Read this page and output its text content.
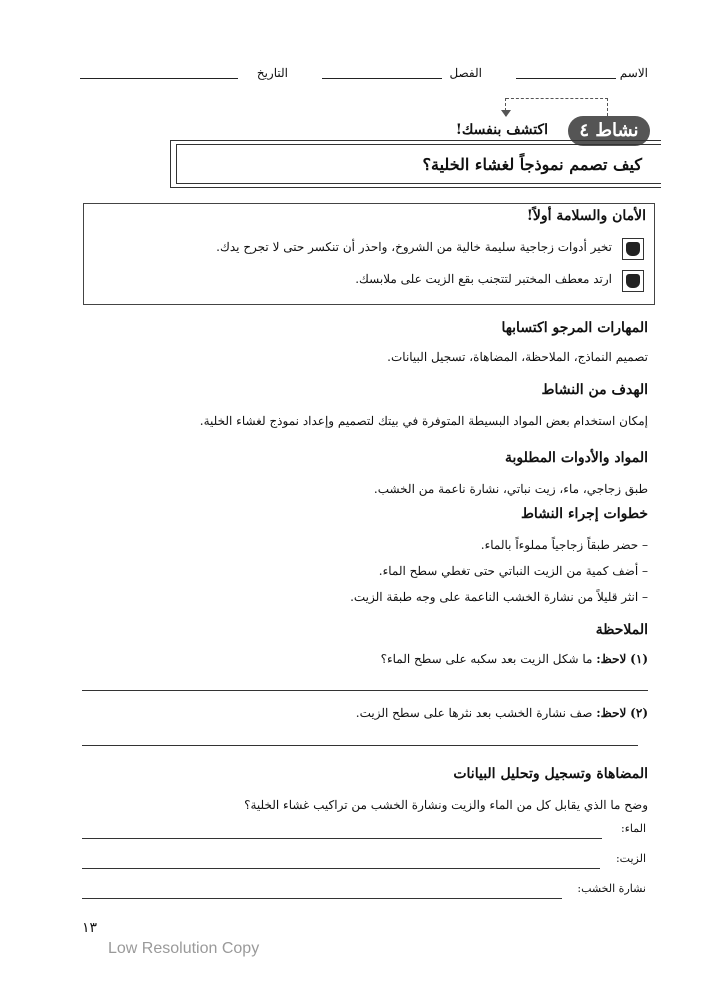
الاسم
الفصل
التاريخ
نشاط ٤
اكتشف بنفسك!
كيف تصمم نموذجاً لغشاء الخلية؟
الأمان والسلامة أولاً!
تخير أدوات زجاجية سليمة خالية من الشروخ، واحذر أن تنكسر حتى لا تجرح يدك.
ارتد معطف المختبر لتتجنب بقع الزيت على ملابسك.
المهارات المرجو اكتسابها
تصميم النماذج، الملاحظة، المضاهاة، تسجيل البيانات.
الهدف من النشاط
إمكان استخدام بعض المواد البسيطة المتوفرة في بيتك لتصميم وإعداد نموذج لغشاء الخلية.
المواد والأدوات المطلوبة
طبق زجاجي، ماء، زيت نباتي، نشارة ناعمة من الخشب.
خطوات إجراء النشاط
– حضر طبقاً زجاجياً مملوءاً بالماء.
– أضف كمية من الزيت النباتي حتى تغطي سطح الماء.
– انثر قليلاً من نشارة الخشب الناعمة على وجه طبقة الزيت.
الملاحظة
(١) لاحظ: ما شكل الزيت بعد سكبه على سطح الماء؟
(٢) لاحظ: صف نشارة الخشب بعد نثرها على سطح الزيت.
المضاهاة وتسجيل وتحليل البيانات
وضح ما الذي يقابل كل من الماء والزيت ونشارة الخشب من تراكيب غشاء الخلية؟
الماء:
الزيت:
نشارة الخشب:
١٣
Low Resolution Copy
